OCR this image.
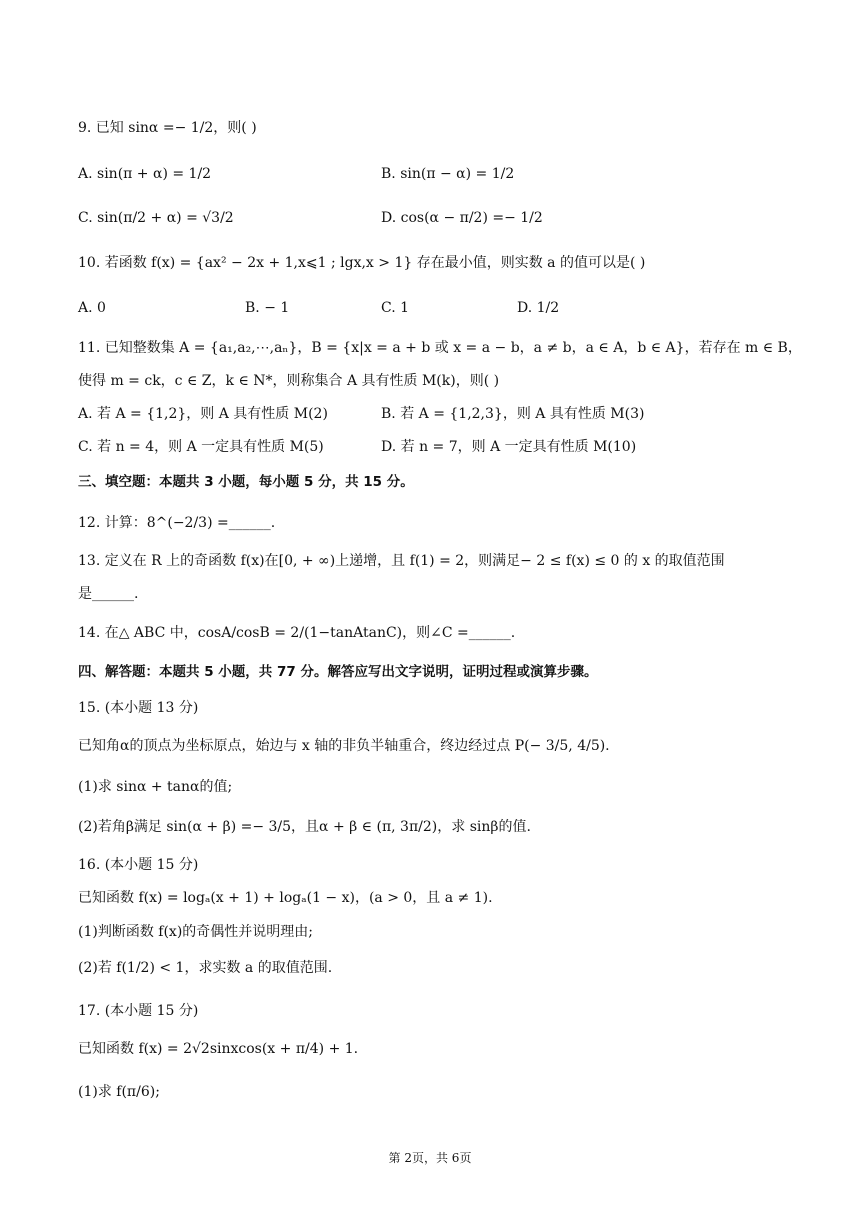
9. 已知 sinα =− 1/2，则( )
A. sin(π + α) = 1/2	B. sin(π − α) = 1/2
C. sin(π/2 + α) = √3/2	D. cos(α − π/2) =− 1/2
10. 若函数 f(x) = {ax² − 2x + 1,x⩽1 ; lgx,x > 1} 存在最小值，则实数 a 的值可以是( )
A. 0	B. − 1	C. 1	D. 1/2
11. 已知整数集 A = {a₁,a₂,⋯,aₙ}，B = {x|x = a + b 或 x = a − b，a ≠ b，a ∈ A，b ∈ A}，若存在 m ∈ B，
使得 m = ck，c ∈ Z，k ∈ N*，则称集合 A 具有性质 M(k)，则( )
A. 若 A = {1,2}，则 A 具有性质 M(2)	B. 若 A = {1,2,3}，则 A 具有性质 M(3)
C. 若 n = 4，则 A 一定具有性质 M(5)	D. 若 n = 7，则 A 一定具有性质 M(10)
三、填空题：本题共 3 小题，每小题 5 分，共 15 分。
12. 计算：8^(−2/3) =______.
13. 定义在 R 上的奇函数 f(x)在[0, + ∞)上递增，且 f(1) = 2，则满足− 2 ≤ f(x) ≤ 0 的 x 的取值范围
是______.
14. 在△ ABC 中，cosA/cosB = 2/(1−tanAtanC)，则∠C =______.
四、解答题：本题共 5 小题，共 77 分。解答应写出文字说明，证明过程或演算步骤。
15. (本小题 13 分)
已知角α的顶点为坐标原点，始边与 x 轴的非负半轴重合，终边经过点 P(− 3/5, 4/5).
(1)求 sinα + tanα的值;
(2)若角β满足 sin(α + β) =− 3/5，且α + β ∈ (π, 3π/2)，求 sinβ的值.
16. (本小题 15 分)
已知函数 f(x) = logₐ(x + 1) + logₐ(1 − x)，(a > 0，且 a ≠ 1).
(1)判断函数 f(x)的奇偶性并说明理由;
(2)若 f(1/2) < 1，求实数 a 的取值范围.
17. (本小题 15 分)
已知函数 f(x) = 2√2sinxcos(x + π/4) + 1.
(1)求 f(π/6);
第 2页，共 6页
